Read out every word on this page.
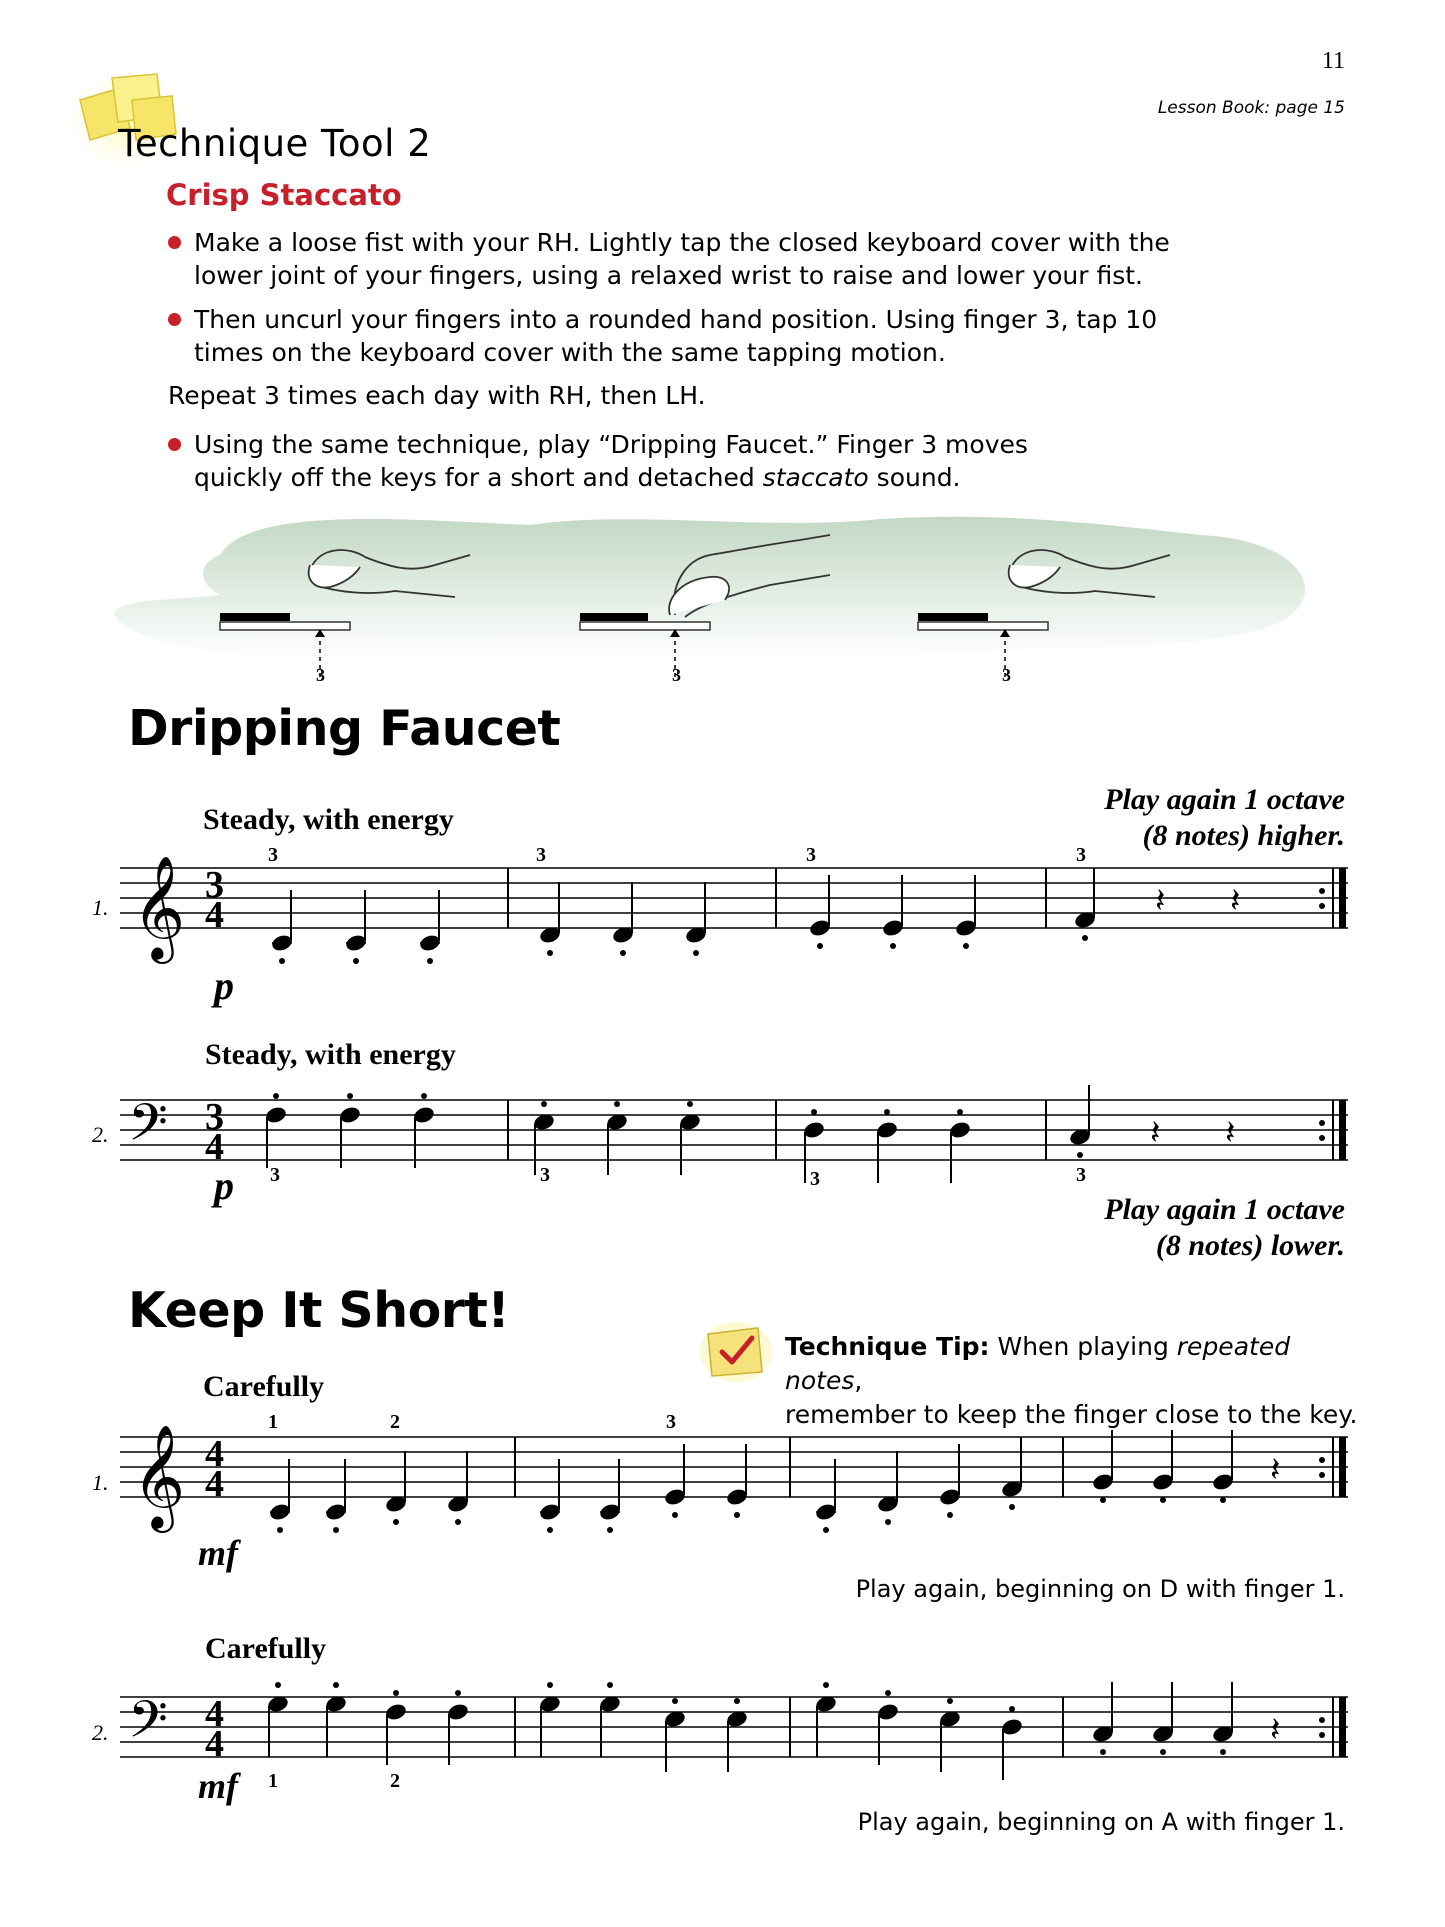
11
Lesson Book: page 15
Technique Tool 2
Crisp Staccato
Make a loose fist with your RH. Lightly tap the closed keyboard cover with the
lower joint of your fingers, using a relaxed wrist to raise and lower your fist.
Then uncurl your fingers into a rounded hand position. Using finger 3, tap 10
times on the keyboard cover with the same tapping motion.
Repeat 3 times each day with RH, then LH.
Using the same technique, play “Dripping Faucet.” Finger 3 moves
quickly off the keys for a short and detached staccato sound.
3	3	3
Dripping Faucet
Play again 1 octave
(8 notes) higher.
Steady, with energy
1.
3	3	3	3
p
𝄞 3
4	𝄽 𝄽
Steady, with energy
2.
p 3	3	3	3
𝄢 3
4	𝄽 𝄽
Play again 1 octave
(8 notes) lower.
Keep It Short!
Technique Tip: When playing repeated notes,
remember to keep the finger close to the key.
Carefully
1.
1	2	3
mf
𝄞 4
4	𝄽
Play again, beginning on D with finger 1.
Carefully
2.
mf 1	2
𝄢 4
4	𝄽
Play again, beginning on A with finger 1.
